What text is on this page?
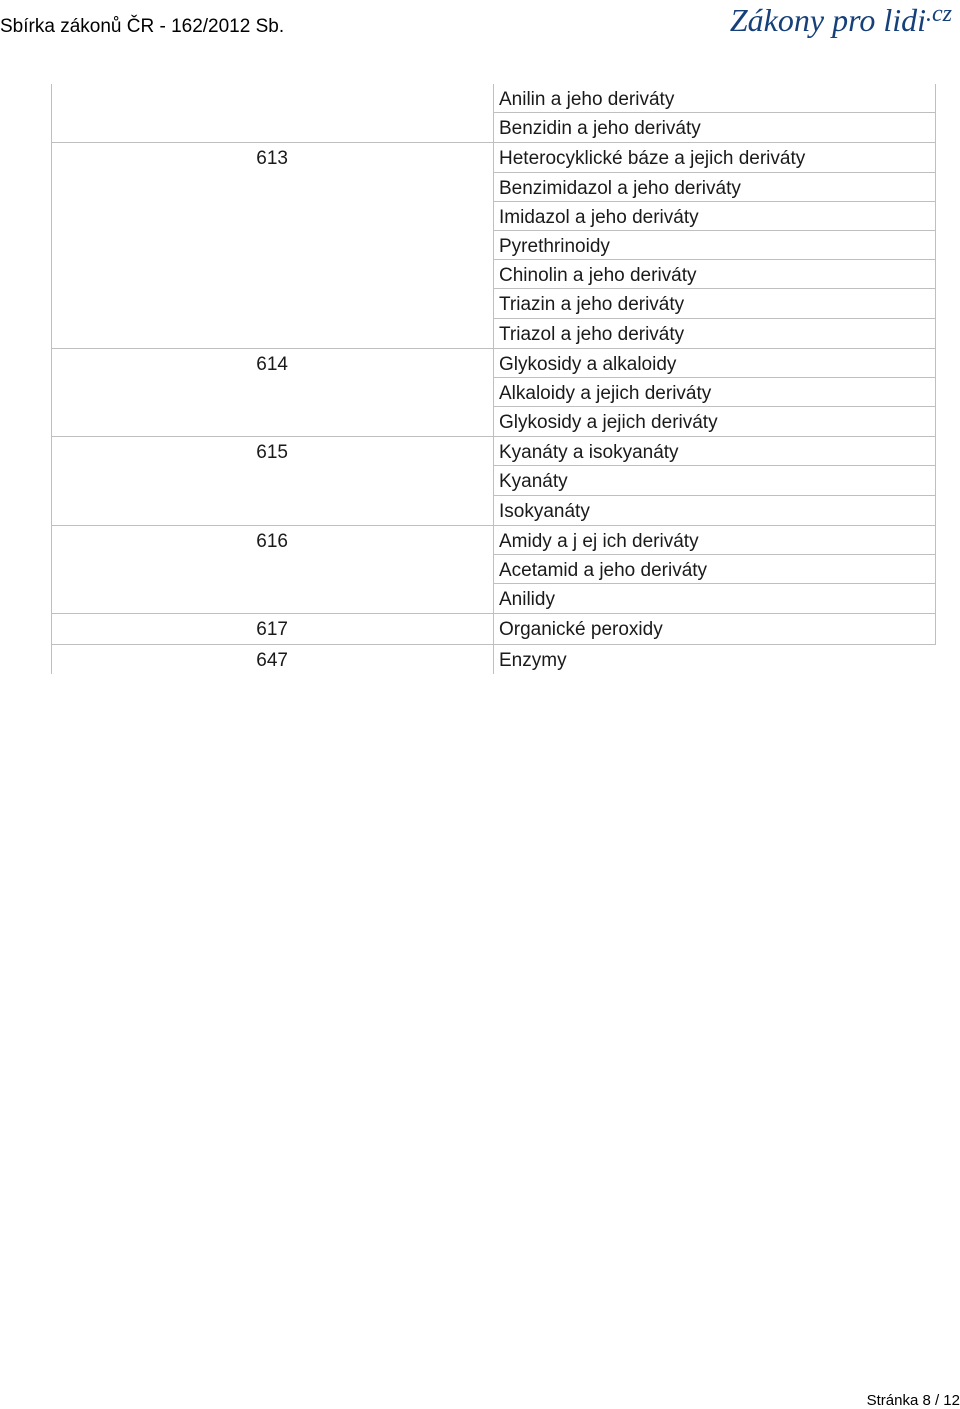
Sbírka zákonů ČR - 162/2012 Sb.	Zákony pro lidi.cz
Anilin a jeho deriváty
Benzidin a jeho deriváty
613	Heterocyklické báze a jejich deriváty
Benzimidazol a jeho deriváty
Imidazol a jeho deriváty
Pyrethrinoidy
Chinolin a jeho deriváty
Triazin a jeho deriváty
Triazol a jeho deriváty
614	Glykosidy a alkaloidy
Alkaloidy a jejich deriváty
Glykosidy a jejich deriváty
615	Kyanáty a isokyanáty
Kyanáty
Isokyanáty
616	Amidy a j ej ich deriváty
Acetamid a jeho deriváty
Anilidy
617	Organické peroxidy
647	Enzymy
Stránka 8 / 12
